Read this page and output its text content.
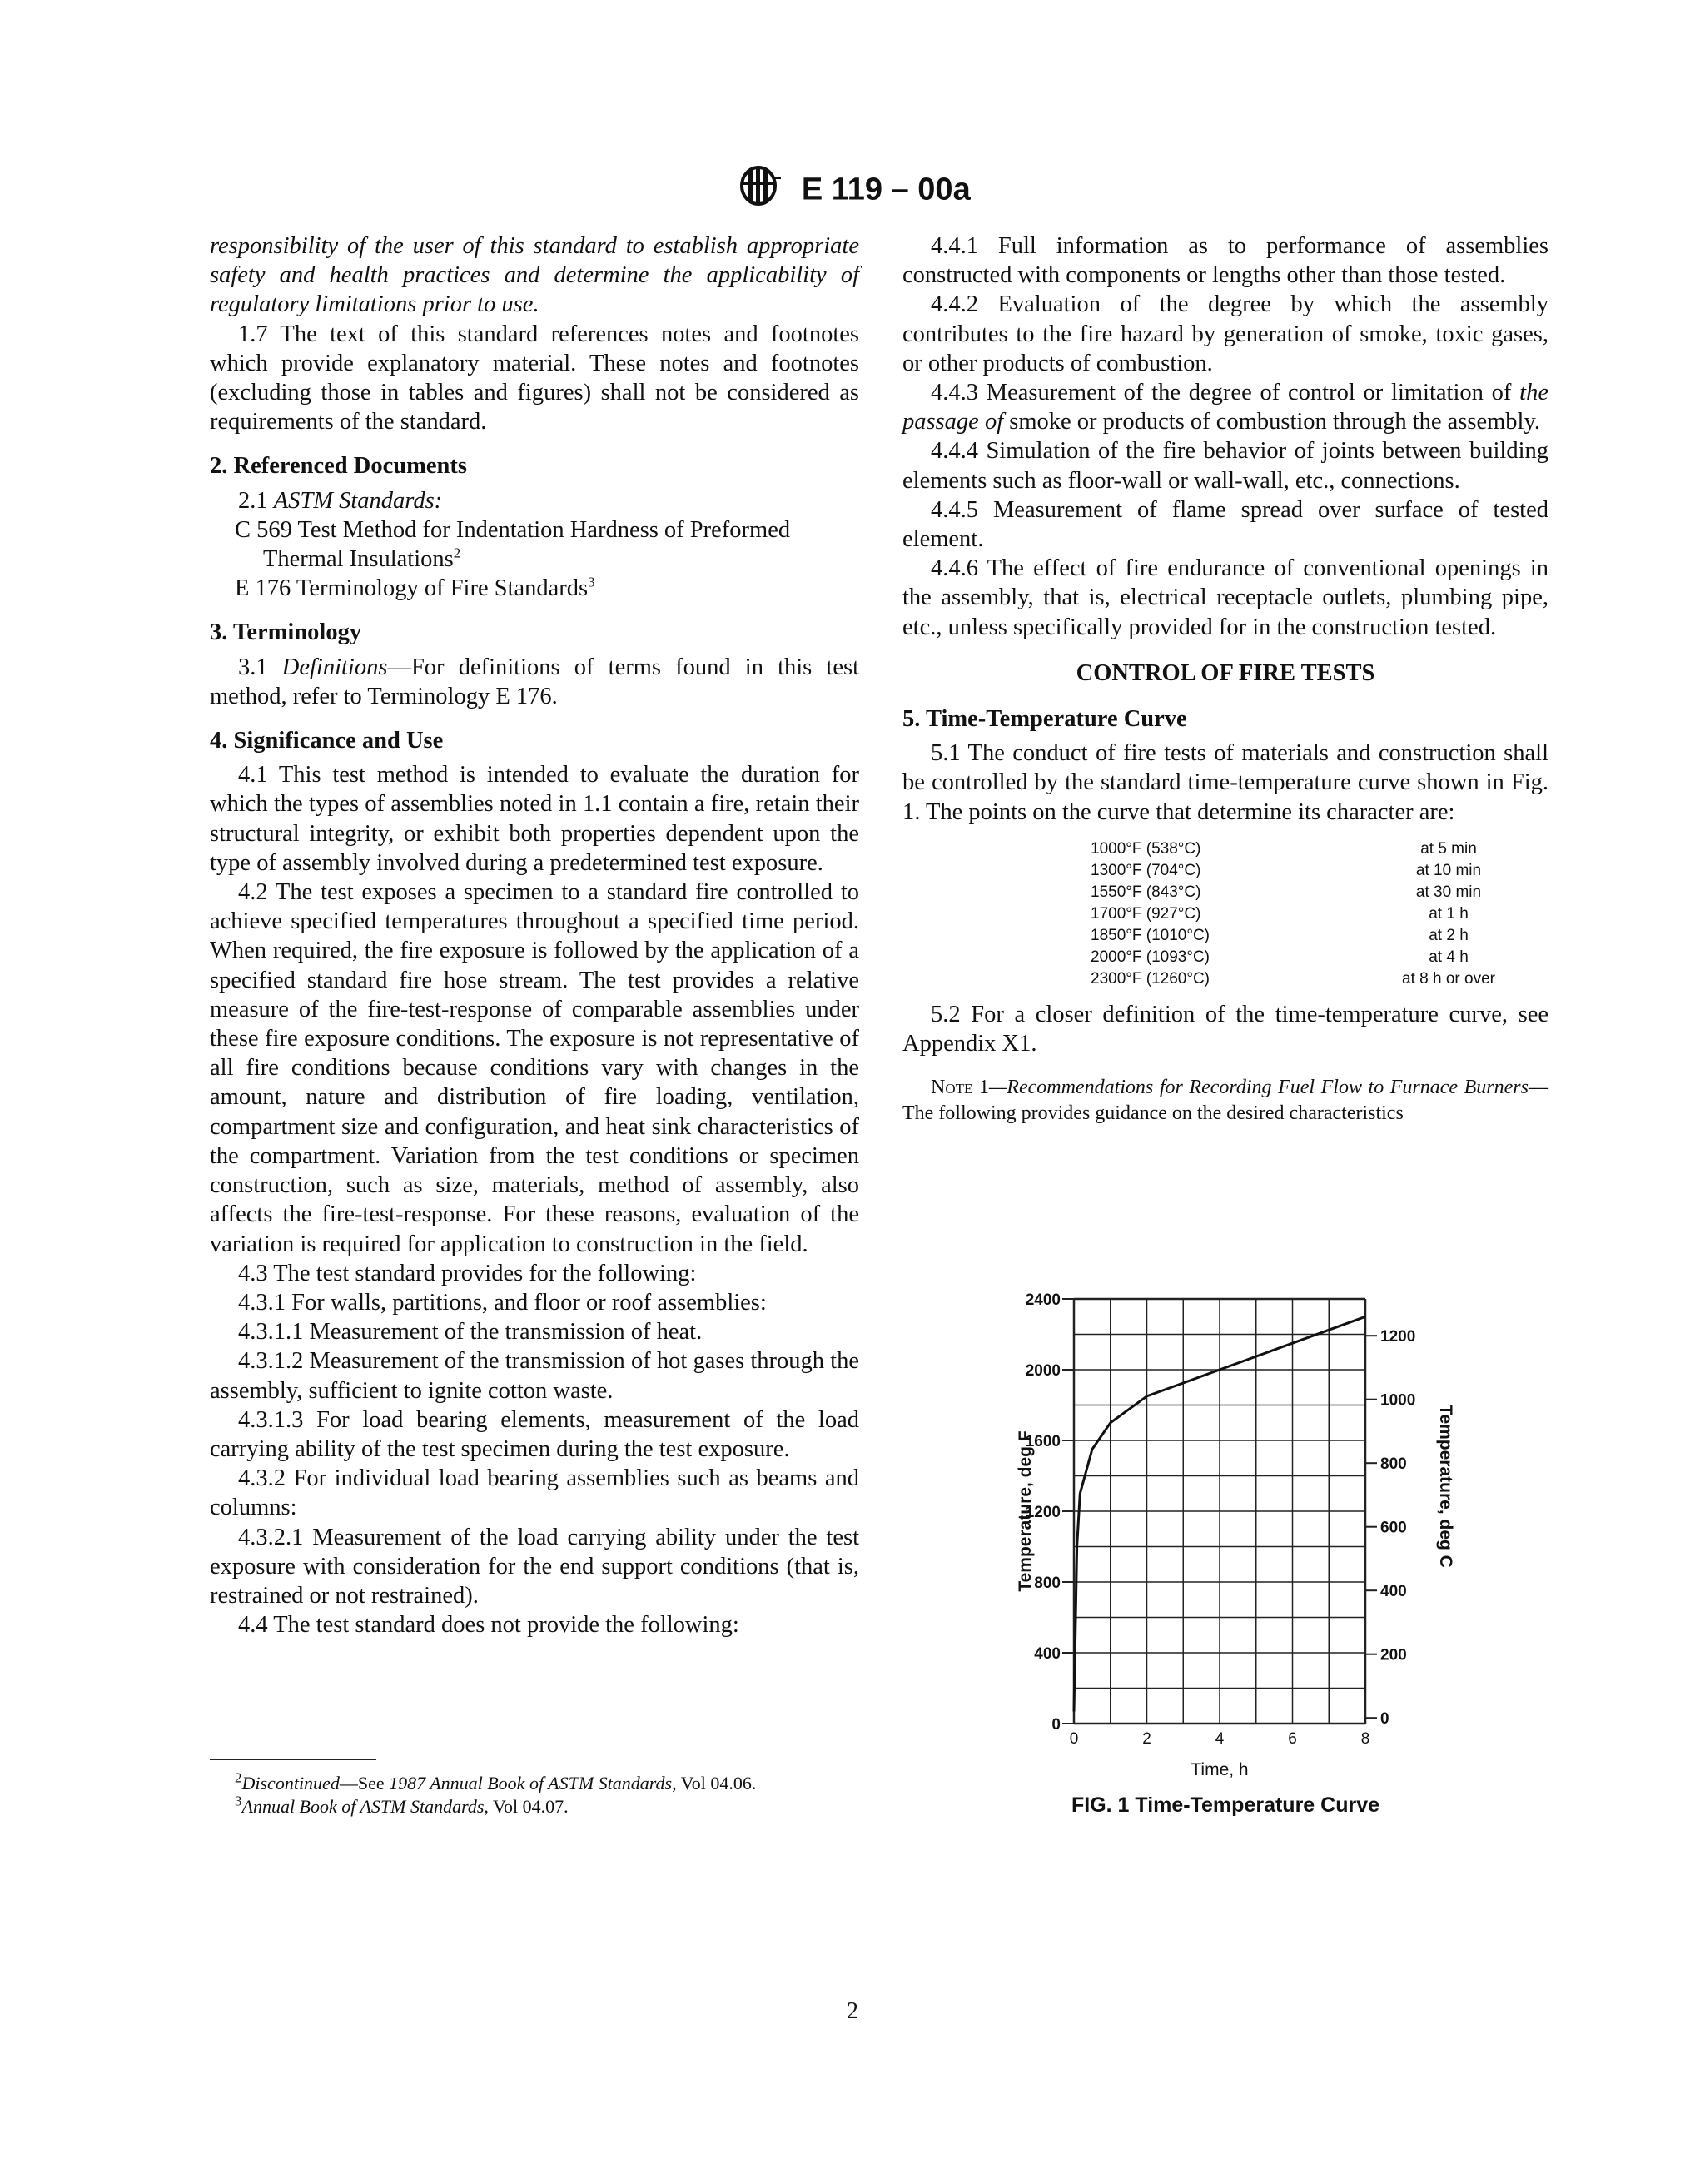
E 119 – 00a

responsibility of the user of this standard to establish appropriate safety and health practices and determine the applicability of regulatory limitations prior to use.

1.7 The text of this standard references notes and footnotes which provide explanatory material. These notes and footnotes (excluding those in tables and figures) shall not be considered as requirements of the standard.

2. Referenced Documents

2.1 ASTM Standards:

C 569 Test Method for Indentation Hardness of Preformed Thermal Insulations$^2$

E 176 Terminology of Fire Standards$^3$

3. Terminology

3.1 Definitions—For definitions of terms found in this test method, refer to Terminology E 176.

4. Significance and Use

4.1 This test method is intended to evaluate the duration for which the types of assemblies noted in 1.1 contain a fire, retain their structural integrity, or exhibit both properties dependent upon the type of assembly involved during a predetermined test exposure.

4.2 The test exposes a specimen to a standard fire controlled to achieve specified temperatures throughout a specified time period. When required, the fire exposure is followed by the application of a specified standard fire hose stream. The test provides a relative measure of the fire-test-response of comparable assemblies under these fire exposure conditions. The exposure is not representative of all fire conditions because conditions vary with changes in the amount, nature and distribution of fire loading, ventilation, compartment size and configuration, and heat sink characteristics of the compartment. Variation from the test conditions or specimen construction, such as size, materials, method of assembly, also affects the fire-test-response. For these reasons, evaluation of the variation is required for application to construction in the field.

4.3 The test standard provides for the following:

4.3.1 For walls, partitions, and floor or roof assemblies:

4.3.1.1 Measurement of the transmission of heat.

4.3.1.2 Measurement of the transmission of hot gases through the assembly, sufficient to ignite cotton waste.

4.3.1.3 For load bearing elements, measurement of the load carrying ability of the test specimen during the test exposure.

4.3.2 For individual load bearing assemblies such as beams and columns:

4.3.2.1 Measurement of the load carrying ability under the test exposure with consideration for the end support conditions (that is, restrained or not restrained).

4.4 The test standard does not provide the following:

4.4.1 Full information as to performance of assemblies constructed with components or lengths other than those tested.

4.4.2 Evaluation of the degree by which the assembly contributes to the fire hazard by generation of smoke, toxic gases, or other products of combustion.

4.4.3 Measurement of the degree of control or limitation of the passage of smoke or products of combustion through the assembly.

4.4.4 Simulation of the fire behavior of joints between building elements such as floor-wall or wall-wall, etc., connections.

4.4.5 Measurement of flame spread over surface of tested element.

4.4.6 The effect of fire endurance of conventional openings in the assembly, that is, electrical receptacle outlets, plumbing pipe, etc., unless specifically provided for in the construction tested.

CONTROL OF FIRE TESTS
5. Time-Temperature Curve

5.1 The conduct of fire tests of materials and construction shall be controlled by the standard time-temperature curve shown in Fig. 1. The points on the curve that determine its character are:

1000°F (538°C)	at 5 min
1300°F (704°C)	at 10 min
1550°F (843°C)	at 30 min
1700°F (927°C)	at 1 h
1850°F (1010°C)	at 2 h
2000°F (1093°C)	at 4 h
2300°F (1260°C)	at 8 h or over

5.2 For a closer definition of the time-temperature curve, see Appendix X1.

Note 1—Recommendations for Recording Fuel Flow to Furnace Burners—The following provides guidance on the desired characteristics

0
400
800
1200
1600
2000
2400
0
200
400
600
800
1000
1200
0	2	4	6	8
Time, h
Temperature, deg F	Temperature, deg C
FIG. 1 Time-Temperature Curve
$^2$Discontinued—See 1987 Annual Book of ASTM Standards, Vol 04.06.
$^3$Annual Book of ASTM Standards, Vol 04.07.
2
